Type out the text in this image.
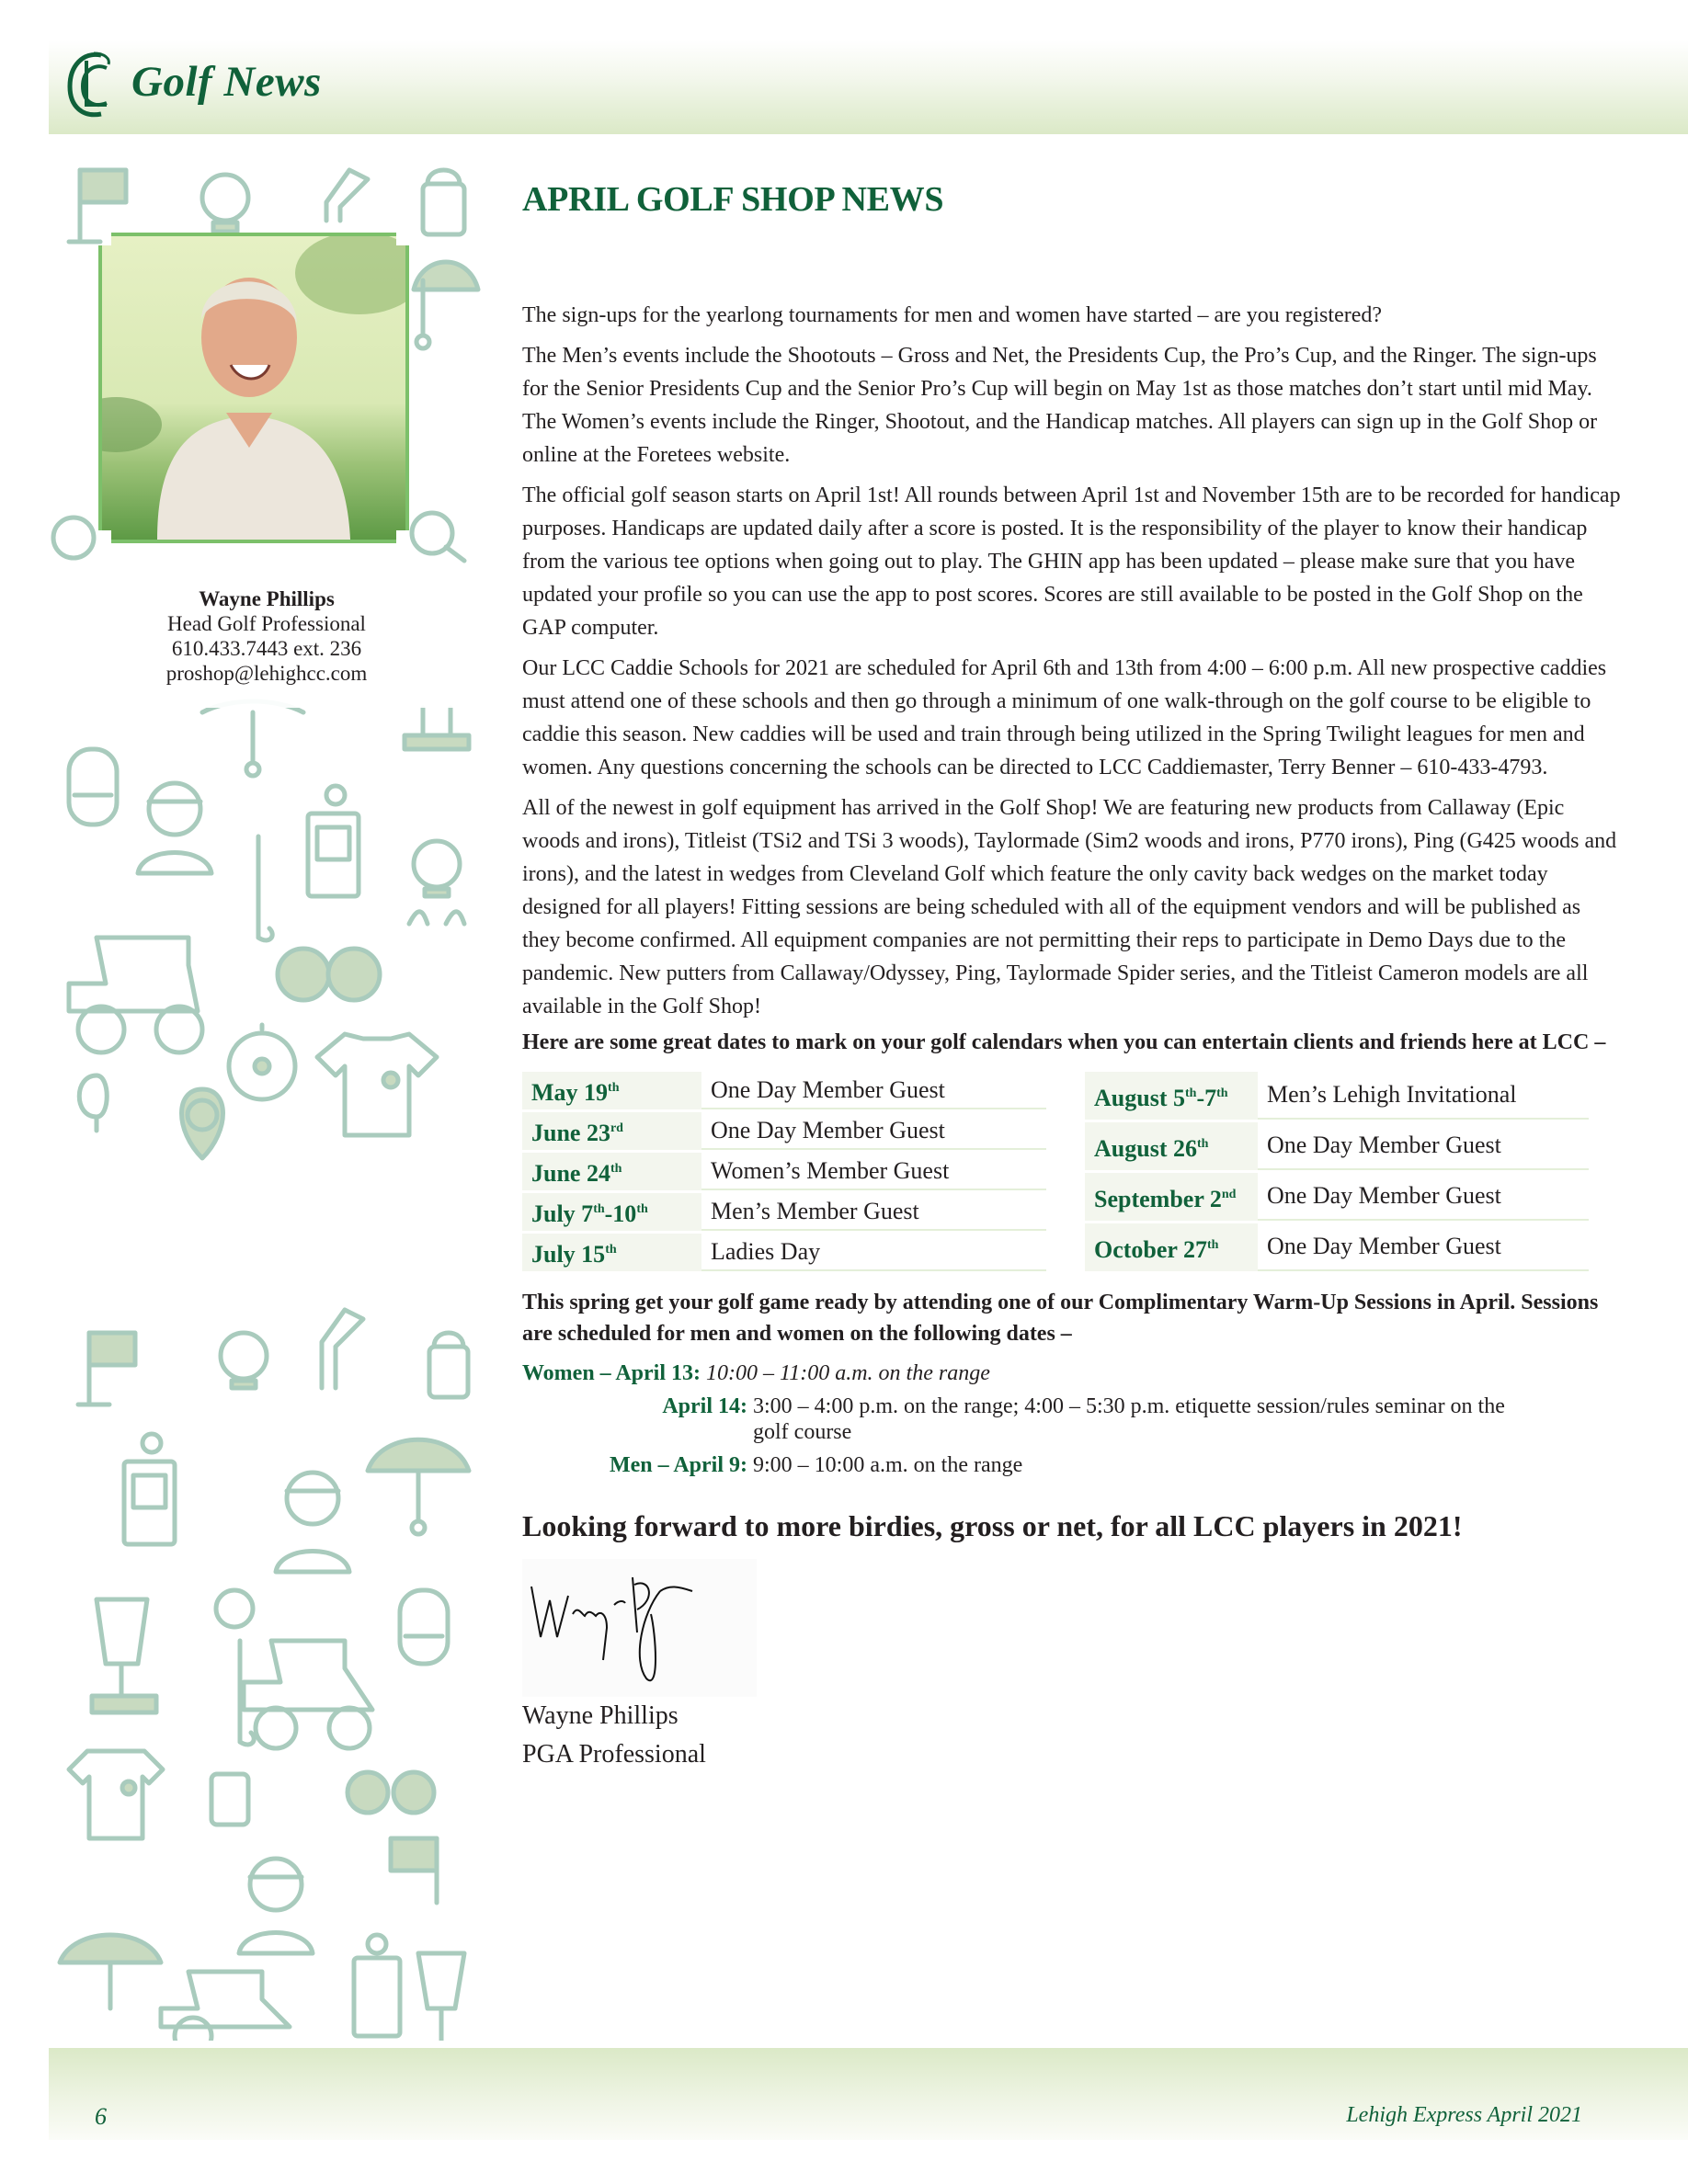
Golf News
Wayne Phillips
Head Golf Professional
610.433.7443 ext. 236
proshop@lehighcc.com
APRIL GOLF SHOP NEWS

The sign-ups for the yearlong tournaments for men and women have started – are you registered?

The Men’s events include the Shootouts – Gross and Net, the Presidents Cup, the Pro’s Cup, and the Ringer. The sign-ups for the Senior Presidents Cup and the Senior Pro’s Cup will begin on May 1st as those matches don’t start until mid May. The Women’s events include the Ringer, Shootout, and the Handicap matches. All players can sign up in the Golf Shop or online at the Foretees website.

The official golf season starts on April 1st! All rounds between April 1st and November 15th are to be recorded for handicap purposes. Handicaps are updated daily after a score is posted. It is the responsibility of the player to know their handicap from the various tee options when going out to play. The GHIN app has been updated – please make sure that you have updated your profile so you can use the app to post scores. Scores are still available to be posted in the Golf Shop on the GAP computer.

Our LCC Caddie Schools for 2021 are scheduled for April 6th and 13th from 4:00 – 6:00 p.m. All new prospective caddies must attend one of these schools and then go through a minimum of one walk-through on the golf course to be eligible to caddie this season. New caddies will be used and train through being utilized in the Spring Twilight leagues for men and women. Any questions concerning the schools can be directed to LCC Caddiemaster, Terry Benner – 610-433-4793.

All of the newest in golf equipment has arrived in the Golf Shop! We are featuring new products from Callaway (Epic woods and irons), Titleist (TSi2 and TSi 3 woods), Taylormade (Sim2 woods and irons, P770 irons), Ping (G425 woods and irons), and the latest in wedges from Cleveland Golf which feature the only cavity back wedges on the market today designed for all players! Fitting sessions are being scheduled with all of the equipment vendors and will be published as they become confirmed. All equipment companies are not permitting their reps to participate in Demo Days due to the pandemic. New putters from Callaway/Odyssey, Ping, Taylormade Spider series, and the Titleist Cameron models are all available in the Golf Shop!

Here are some great dates to mark on your golf calendars when you can entertain clients and friends here at LCC –

May 19th	One Day Member Guest
June 23rd	One Day Member Guest
June 24th	Women’s Member Guest
July 7th-10th	Men’s Member Guest
July 15th	Ladies Day
August 5th-7th	Men’s Lehigh Invitational
August 26th	One Day Member Guest
September 2nd	One Day Member Guest
October 27th	One Day Member Guest

This spring get your golf game ready by attending one of our Complimentary Warm-Up Sessions in April. Sessions are scheduled for men and women on the following dates –

Women – April 13: 10:00 – 11:00 a.m. on the range
April 14: 3:00 – 4:00 p.m. on the range; 4:00 – 5:30 p.m. etiquette session/rules seminar on the golf course
Men – April 9: 9:00 – 10:00 a.m. on the range
Looking forward to more birdies, gross or net, for all LCC players in 2021!
Wayne Phillips
PGA Professional
6	Lehigh Express April 2021
